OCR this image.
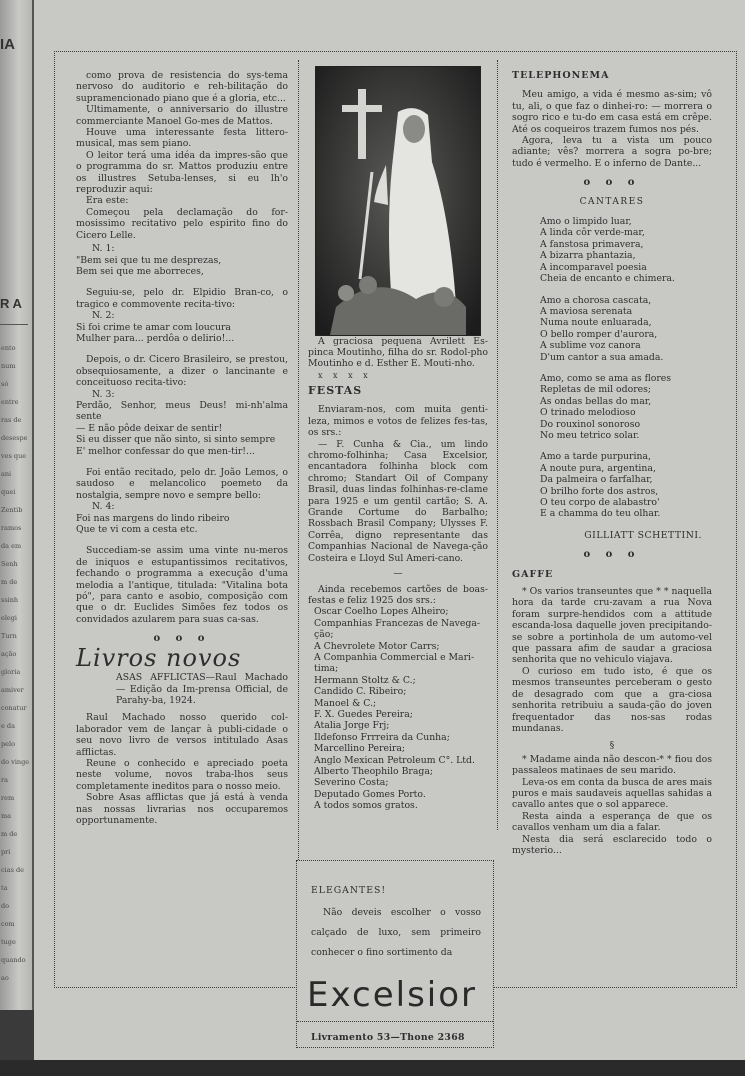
IA
R A
ento
num
só
entre
ras de
desespe
ves que
ani
quei
Zentib
ramos
da em
Senh
m de
ssinh
elegi
Turn
ação
gloria
amiver
conatur
e da
pelo
do vinge
ra
rem
ma
m de
pri
cias de
ta
do
com
tuge
quando
ao

como prova de resistencia do sys-tema nervoso do auditorio e reh-bilitação do supramencionado piano que é a gloria, etc...

Ultimamente, o anniversario do illustre commerciante Manoel Go-mes de Mattos.

Houve uma interessante festa littero-musical, mas sem piano.

O leitor terá uma idéa da impres-são que o programma do sr. Mattos produziu entre os illustres Setuba-lenses, si eu lh'o reproduzir aqui:

Era este:

Começou pela declamação do for-mosissimo recitativo pelo espirito fino do Cicero Lelle.

N. 1:

"Bem sei que tu me desprezas,

Bem sei que me aborreces,

Seguiu-se, pelo dr. Elpidio Bran-co, o tragico e commovente recita-tivo:

N. 2:

Si foi crime te amar com loucura

Mulher para... perdôa o delirio!...

Depois, o dr. Cicero Brasileiro, se prestou, obsequiosamente, a dizer o lancinante e conceituoso recita-tivo:

N. 3:

Perdão, Senhor, meus Deus! mi-nh'alma sente

— E não pôde deixar de sentir!

Si eu disser que não sinto, si sinto sempre

E' melhor confessar do que men-tir!...

Foi então recitado, pelo dr. João Lemos, o saudoso e melancolico poemeto da nostalgia, sempre novo e sempre bello:

N. 4:

Foi nas margens do lindo ribeiro

Que te vi com a cesta etc.

Succediam-se assim uma vinte nu-meros de iniquos e estupantissimos recitativos, fechando o programma a execução d'uma melodia a l'antique, titulada: "Vitalina bota pó", para canto e asobio, composição com que o dr. Euclides Simões fez todos os convidados azularem para suas ca-sas.

o o o
Livros novos

ASAS AFFLICTAS—Raul Machado — Edição da Im-prensa Official, de Parahy-ba, 1924.

Raul Machado nosso querido col-laborador vem de lançar à publi-cidade o seu novo livro de versos intitulado Asas afflictas.

Reune o conhecido e apreciado poeta neste volume, novos traba-lhos seus completamente ineditos para o nosso meio.

Sobre Asas afflictas que já está à venda nas nossas livrarias nos occuparemos opportunamente.

A graciosa pequena Avrilett Es-pinca Moutinho, filha do sr. Rodol-pho Moutinho e d. Esther E. Mouti-nho.

x x x x

FESTAS

Enviaram-nos, com muita genti-leza, mimos e votos de felizes fes-tas, os srs.:

— F. Cunha & Cia., um lindo chromo-folhinha; Casa Excelsior, encantadora folhinha block com chromo; Standart Oil of Company Brasil, duas lindas folhinhas-re-clame para 1925 e um gentil cartão; S. A. Grande Cortume do Barbalho; Rossbach Brasil Company; Ulysses F. Corrêa, digno representante das Companhias Nacional de Navega-ção Costeira e Lloyd Sul Ameri-cano.

—

Ainda recebemos cartões de boas-festas e feliz 1925 dos srs.:

Oscar Coelho Lopes Alheiro;

Companhias Francezas de Navega-ção;

A Chevrolete Motor Carrs;

A Companhia Commercial e Mari-tima;

Hermann Stoltz & C.;

Candido C. Ribeiro;

Manoel & C.;

F. X. Guedes Pereira;

Atalia Jorge Frj;

Ildefonso Frrreira da Cunha;

Marcellino Pereira;

Anglo Mexican Petroleum C°. Ltd.

Alberto Theophilo Braga;

Severino Costa;

Deputado Gomes Porto.

A todos somos gratos.

TELEPHONEMA

Meu amigo, a vida é mesmo as-sim; vô tu, ali, o que faz o dinhei-ro: — morrera o sogro rico e tu-do em casa está em crêpe. Até os coqueiros trazem fumos nos pés.

Agora, leva tu a vista um pouco adiante; vês? morrera a sogra po-bre; tudo é vermelho. E o inferno de Dante...

o o o
CANTARES

Amo o limpido luar,

A linda côr verde-mar,

A fanstosa primavera,

A bizarra phantazia,

A incomparavel poesia

Cheia de encanto e chimera.

Amo a chorosa cascata,

A maviosa serenata

Numa noute enluarada,

O bello romper d'aurora,

A sublime voz canora

D'um cantor a sua amada.

Amo, como se ama as flores

Repletas de mil odores;

As ondas bellas do mar,

O trinado melodioso

Do rouxinol sonoroso

No meu tetrico solar.

Amo a tarde purpurina,

A noute pura, argentina,

Da palmeira o farfalhar,

O brilho forte dos astros,

O teu corpo de alabastro'

E a chamma do teu olhar.

GILLIATT SCHETTINI.

o o o
GAFFE

* Os varios transeuntes que * * naquella hora da tarde cru-zavam a rua Nova foram surpre-hendidos com a attitude escanda-losa daquelle joven precipitando-se sobre a portinhola de um automo-vel que passara afim de saudar a graciosa senhorita que no vehiculo viajava.

O curioso em tudo isto, é que os mesmos transeuntes perceberam o gesto de desagrado com que a gra-ciosa senhorita retribuiu a sauda-ção do joven frequentador das nos-sas rodas mundanas.

§

* Madame ainda não descon-* * fiou dos passaleos matinaes de seu marido.

Leva-os em conta da busca de ares mais puros e mais saudaveis aquellas sahidas a cavallo antes que o sol apparece.

Resta ainda a esperança de que os cavallos venham um dia a falar.

Nesta dia será esclarecido todo o mysterio...

ELEGANTES!
Não deveis escolher o vosso calçado de luxo, sem primeiro conhecer o fino sortimento da
Excelsior
Livramento 53—Thone 2368
